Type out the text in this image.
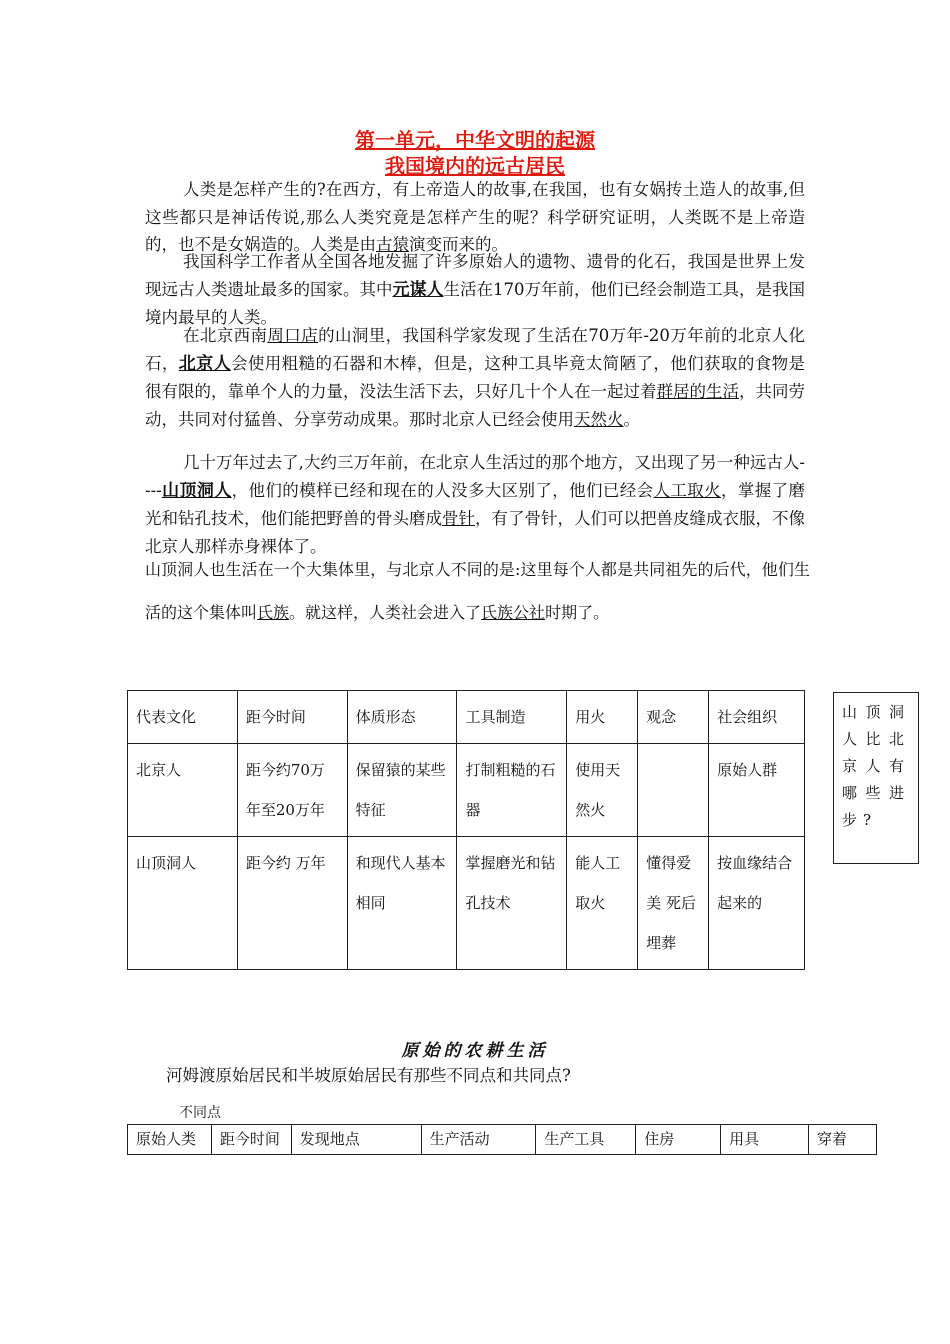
第一单元，中华文明的起源
我国境内的远古居民
人类是怎样产生的?在西方，有上帝造人的故事,在我国，也有女娲抟土造人的故事,但这些都只是神话传说,那么人类究竟是怎样产生的呢？科学研究证明，人类既不是上帝造的，也不是女娲造的。人类是由古猿演变而来的。
我国科学工作者从全国各地发掘了许多原始人的遗物、遗骨的化石，我国是世界上发现远古人类遗址最多的国家。其中元谋人生活在170万年前，他们已经会制造工具，是我国境内最早的人类。
在北京西南周口店的山洞里，我国科学家发现了生活在70万年-20万年前的北京人化石，北京人会使用粗糙的石器和木棒，但是，这种工具毕竟太简陋了，他们获取的食物是很有限的，靠单个人的力量，没法生活下去，只好几十个人在一起过着群居的生活，共同劳动，共同对付猛兽、分享劳动成果。那时北京人已经会使用天然火。
几十万年过去了,大约三万年前，在北京人生活过的那个地方，又出现了另一种远古人----山顶洞人，他们的模样已经和现在的人没多大区别了，他们已经会人工取火，掌握了磨光和钻孔技术，他们能把野兽的骨头磨成骨针，有了骨针，人们可以把兽皮缝成衣服，不像北京人那样赤身裸体了。
山顶洞人也生活在一个大集体里，与北京人不同的是:这里每个人都是共同祖先的后代，他们生活的这个集体叫氏族。就这样，人类社会进入了氏族公社时期了。
代表文化	距今时间	体质形态	工具制造	用火	观念	社会组织
北京人	距今约70万年至20万年	保留猿的某些特征	打制粗糙的石器	使用天然火		原始人群
山顶洞人	距今约 万年	和现代人基本相同	掌握磨光和钻孔技术	能人工取火	懂得爱美 死后埋葬	按血缘结合起来的
山顶洞人比北京人有哪些进步?
原始的农耕生活
河姆渡原始居民和半坡原始居民有那些不同点和共同点?
不同点
原始人类	距今时间	发现地点	生产活动	生产工具	住房	用具	穿着
